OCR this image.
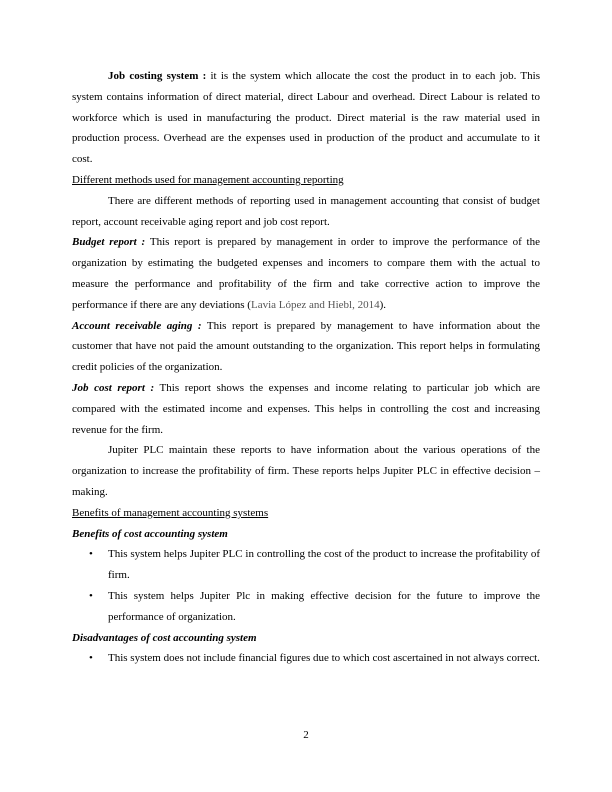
Job costing system : it is the system which allocate the cost the product in to each job. This system contains information of direct material, direct Labour and overhead. Direct Labour is related to workforce which is used in manufacturing the product. Direct material is the raw material used in production process. Overhead are the expenses used in production of the product and accumulate to it cost.

Different methods used for management accounting reporting

There are different methods of reporting used in management accounting that consist of budget report, account receivable aging report and job cost report.

Budget report : This report is prepared by management in order to improve the performance of the organization by estimating the budgeted expenses and incomers to compare them with the actual to measure the performance and profitability of the firm and take corrective action to improve the performance if there are any deviations (Lavia López and Hiebl, 2014).

Account receivable aging : This report is prepared by management to have information about the customer that have not paid the amount outstanding to the organization. This report helps in formulating credit policies of the organization.

Job cost report : This report shows the expenses and income relating to particular job which are compared with the estimated income and expenses. This helps in controlling the cost and increasing revenue for the firm.

Jupiter PLC maintain these reports to have information about the various operations of the organization to increase the profitability of firm. These reports helps Jupiter PLC in effective decision – making.

Benefits of management accounting systems

Benefits of cost accounting system

• This system helps Jupiter PLC in controlling the cost of the product to increase the profitability of firm.
• This system helps Jupiter Plc in making effective decision for the future to improve the performance of organization.

Disadvantages of cost accounting system

• This system does not include financial figures due to which cost ascertained in not always correct.
2
